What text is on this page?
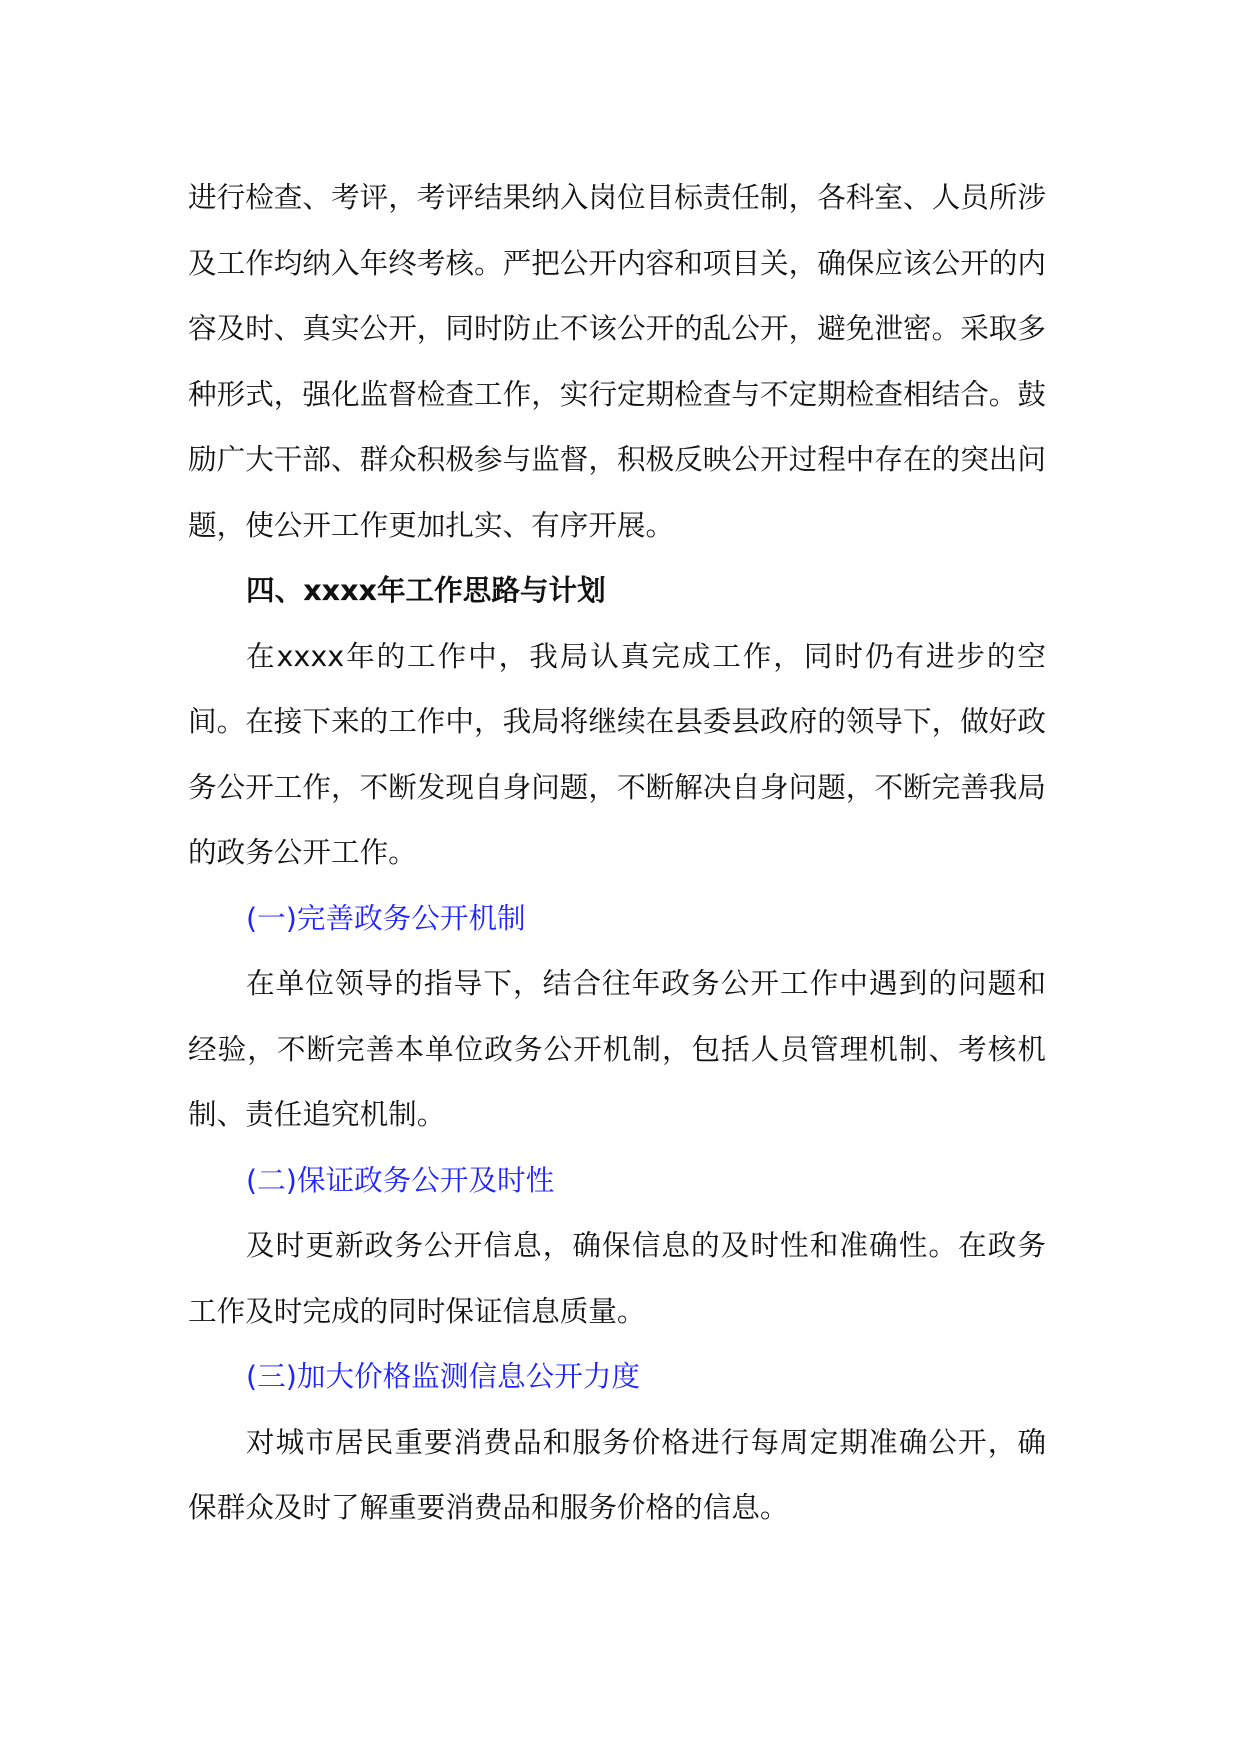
进行检查、考评，考评结果纳入岗位目标责任制，各科室、人员所涉及工作均纳入年终考核。严把公开内容和项目关，确保应该公开的内容及时、真实公开，同时防止不该公开的乱公开，避免泄密。采取多种形式，强化监督检查工作，实行定期检查与不定期检查相结合。鼓励广大干部、群众积极参与监督，积极反映公开过程中存在的突出问题，使公开工作更加扎实、有序开展。

四、xxxx年工作思路与计划

在xxxx年的工作中，我局认真完成工作，同时仍有进步的空间。在接下来的工作中，我局将继续在县委县政府的领导下，做好政务公开工作，不断发现自身问题，不断解决自身问题，不断完善我局的政务公开工作。

(一)完善政务公开机制

在单位领导的指导下，结合往年政务公开工作中遇到的问题和经验，不断完善本单位政务公开机制，包括人员管理机制、考核机制、责任追究机制。

(二)保证政务公开及时性

及时更新政务公开信息，确保信息的及时性和准确性。在政务工作及时完成的同时保证信息质量。

(三)加大价格监测信息公开力度

对城市居民重要消费品和服务价格进行每周定期准确公开，确保群众及时了解重要消费品和服务价格的信息。
